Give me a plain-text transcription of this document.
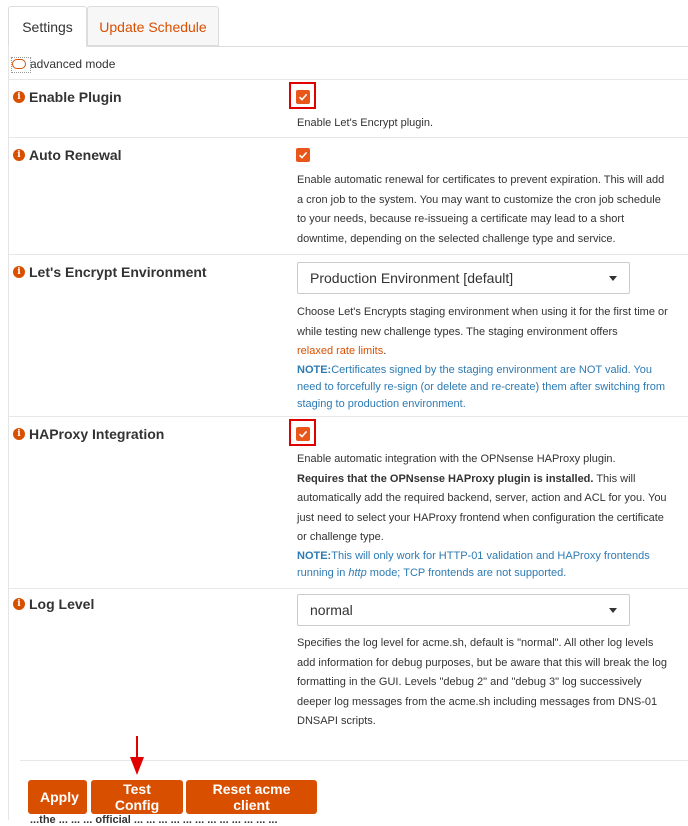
Settings	Update Schedule
advanced mode
i Enable Plugin
Enable Let's Encrypt plugin.
i Auto Renewal
Enable automatic renewal for certificates to prevent expiration. This will add a cron job to the system. You may want to customize the cron job schedule to your needs, because re-issueing a certificate may lead to a short downtime, depending on the selected challenge type and service.
i Let's Encrypt Environment	Production Environment [default]
Choose Let's Encrypts staging environment when using it for the first time or while testing new challenge types. The staging environment offers
relaxed rate limits.
NOTE:Certificates signed by the staging environment are NOT valid. You need to forcefully re-sign (or delete and re-create) them after switching from staging to production environment.
i HAProxy Integration
Enable automatic integration with the OPNsense HAProxy plugin.
Requires that the OPNsense HAProxy plugin is installed. This will automatically add the required backend, server, action and ACL for you. You just need to select your HAProxy frontend when configuration the certificate or challenge type.
NOTE:This will only work for HTTP-01 validation and HAProxy frontends running in http mode; TCP frontends are not supported.
i Log Level	normal
Specifies the log level for acme.sh, default is "normal". All other log levels add information for debug purposes, but be aware that this will break the log formatting in the GUI. Levels "debug 2" and "debug 3" log successively deeper log messages from the acme.sh including messages from DNS-01 DNSAPI scripts.
Apply	Test Config
Reset acme client
...the ... ... ... official ... ... ... ... ... ... ... ... ... ... ... ...
